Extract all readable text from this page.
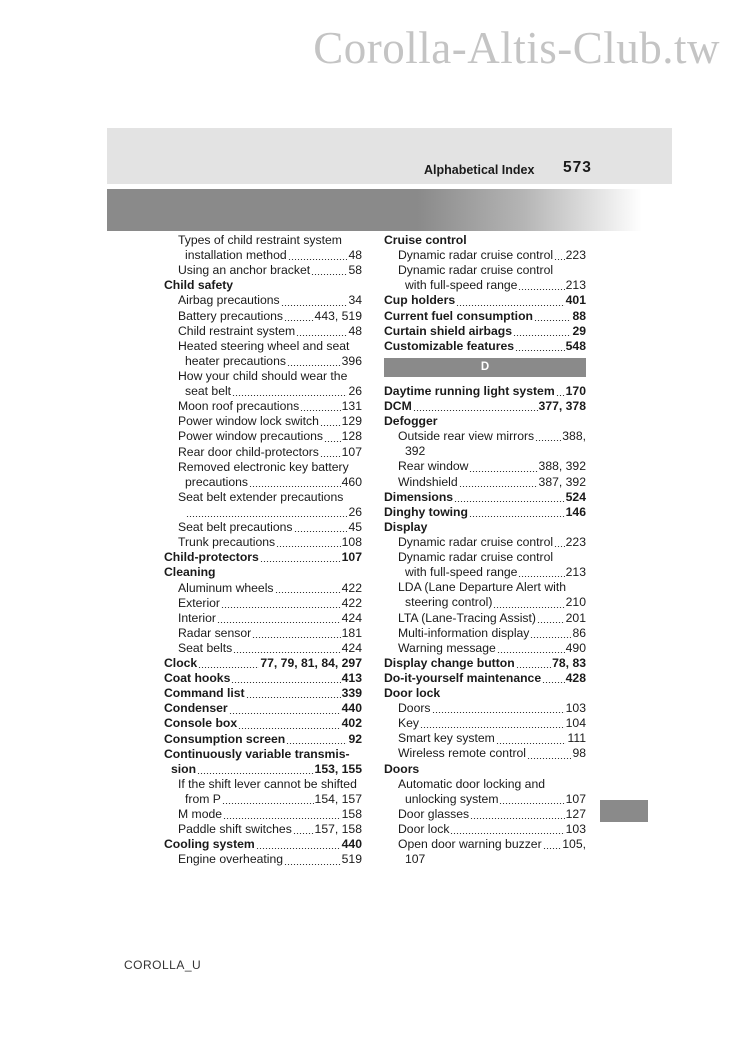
Corolla-Altis-Club.tw
Alphabetical Index 573
Types of child restraint system
installation method	48
Using an anchor bracket	58
Child safety
Airbag precautions	34
Battery precautions	443, 519
Child restraint system	48
Heated steering wheel and seat
heater precautions	396
How your child should wear the
seat belt	26
Moon roof precautions	131
Power window lock switch 129
Power window precautions 128
Rear door child-protectors 107
Removed electronic key battery
precautions	460
Seat belt extender precautions
26
Seat belt precautions	45
Trunk precautions	108
Child-protectors	107
Cleaning
Aluminum wheels	422
Exterior	422
Interior	424
Radar sensor	181
Seat belts	424
Clock	77, 79, 81, 84, 297
Coat hooks	413
Command list	339
Condenser	440
Console box	402
Consumption screen	92
Continuously variable transmis-
sion	153, 155
If the shift lever cannot be shifted
from P	154, 157
M mode	158
Paddle shift switches 157, 158
Cooling system	440
Engine overheating	519
Cruise control
Dynamic radar cruise control 223
Dynamic radar cruise control
with full-speed range	213
Cup holders	401
Current fuel consumption	88
Curtain shield airbags	29
Customizable features	548
D
Daytime running light system 170
DCM	377, 378
Defogger
Outside rear view mirrors 388,
392
Rear window	388, 392
Windshield	387, 392
Dimensions	524
Dinghy towing	146
Display
Dynamic radar cruise control 223
Dynamic radar cruise control
with full-speed range	213
LDA (Lane Departure Alert with
steering control)	210
LTA (Lane-Tracing Assist) 201
Multi-information display	86
Warning message	490
Display change button	78, 83
Do-it-yourself maintenance 428
Door lock
Doors	103
Key	104
Smart key system	111
Wireless remote control	98
Doors
Automatic door locking and
unlocking system	107
Door glasses	127
Door lock	103
Open door warning buzzer 105,
107
COROLLA_U
